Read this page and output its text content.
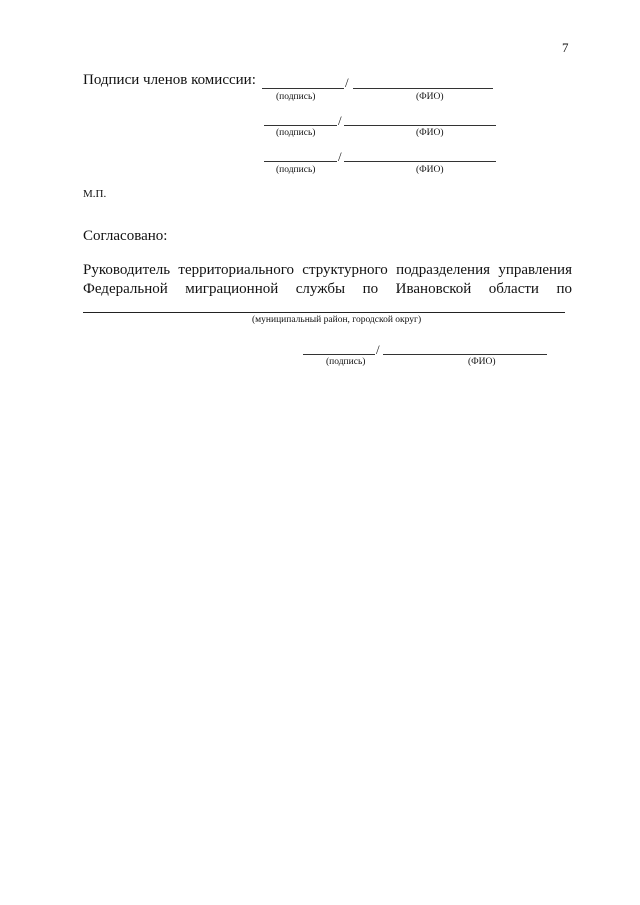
7
Подписи членов комиссии:	/
(подпись)	(ФИО)
/
(подпись)	(ФИО)
/
(подпись)	(ФИО)
М.П.
Согласовано:
Руководитель территориального структурного подразделения управления
Федеральной миграционной службы по Ивановской области по
(муниципальный район, городской округ)
/
(подпись)	(ФИО)
